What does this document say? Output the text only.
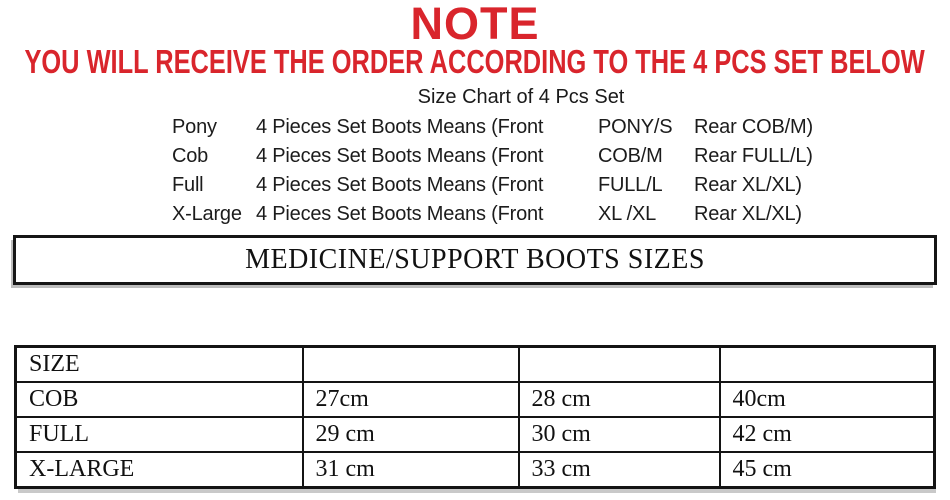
NOTE
YOU WILL RECEIVE THE ORDER ACCORDING TO THE 4 PCS SET BELOW
Size Chart of 4 Pcs Set
Pony	4 Pieces Set Boots Means (Front	PONY/S	Rear COB/M)
Cob	4 Pieces Set Boots Means (Front	COB/M	Rear FULL/L)
Full	4 Pieces Set Boots Means (Front	FULL/L	Rear XL/XL)
X-Large 4 Pieces Set Boots Means (Front	XL /XL	Rear XL/XL)
MEDICINE/SUPPORT BOOTS SIZES
SIZE			
COB	27cm	28 cm	40cm
FULL	29 cm	30 cm	42 cm
X-LARGE	31 cm	33 cm	45 cm
